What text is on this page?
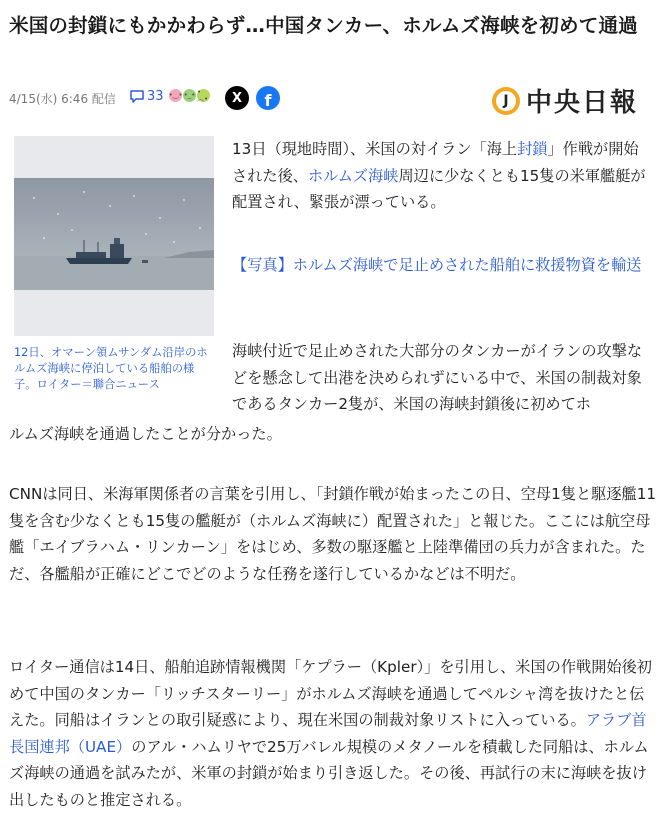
米国の封鎖にもかかわらず…中国タンカー、ホルムズ海峡を初めて通過
4/15(水) 6:46 配信 33 •‿• •_• •︵•	X	f	J 中央日報
12日、オマーン領ムサンダム沿岸のホルムズ海峡に停泊している船舶の様子。ロイター＝聯合ニュース
13日（現地時間）、米国の対イラン「海上封鎖」作戦が開始された後、ホルムズ海峡周辺に少なくとも15隻の米軍艦艇が配置され、緊張が漂っている。
【写真】ホルムズ海峡で足止めされた船舶に救援物資を輸送
海峡付近で足止めされた大部分のタンカーがイランの攻撃などを懸念して出港を決められずにいる中で、米国の制裁対象であるタンカー2隻が、米国の海峡封鎖後に初めてホ
ルムズ海峡を通過したことが分かった。
CNNは同日、米海軍関係者の言葉を引用し、「封鎖作戦が始まったこの日、空母1隻と駆逐艦11隻を含む少なくとも15隻の艦艇が（ホルムズ海峡に）配置された」と報じた。ここには航空母艦「エイブラハム・リンカーン」をはじめ、多数の駆逐艦と上陸準備団の兵力が含まれた。ただ、各艦船が正確にどこでどのような任務を遂行しているかなどは不明だ。
ロイター通信は14日、船舶追跡情報機関「ケプラー（Kpler）」を引用し、米国の作戦開始後初めて中国のタンカー「リッチスターリー」がホルムズ海峡を通過してペルシャ湾を抜けたと伝えた。同船はイランとの取引疑惑により、現在米国の制裁対象リストに入っている。アラブ首長国連邦（UAE）のアル・ハムリヤで25万バレル規模のメタノールを積載した同船は、ホルムズ海峡の通過を試みたが、米軍の封鎖が始まり引き返した。その後、再試行の末に海峡を抜け出したものと推定される。
